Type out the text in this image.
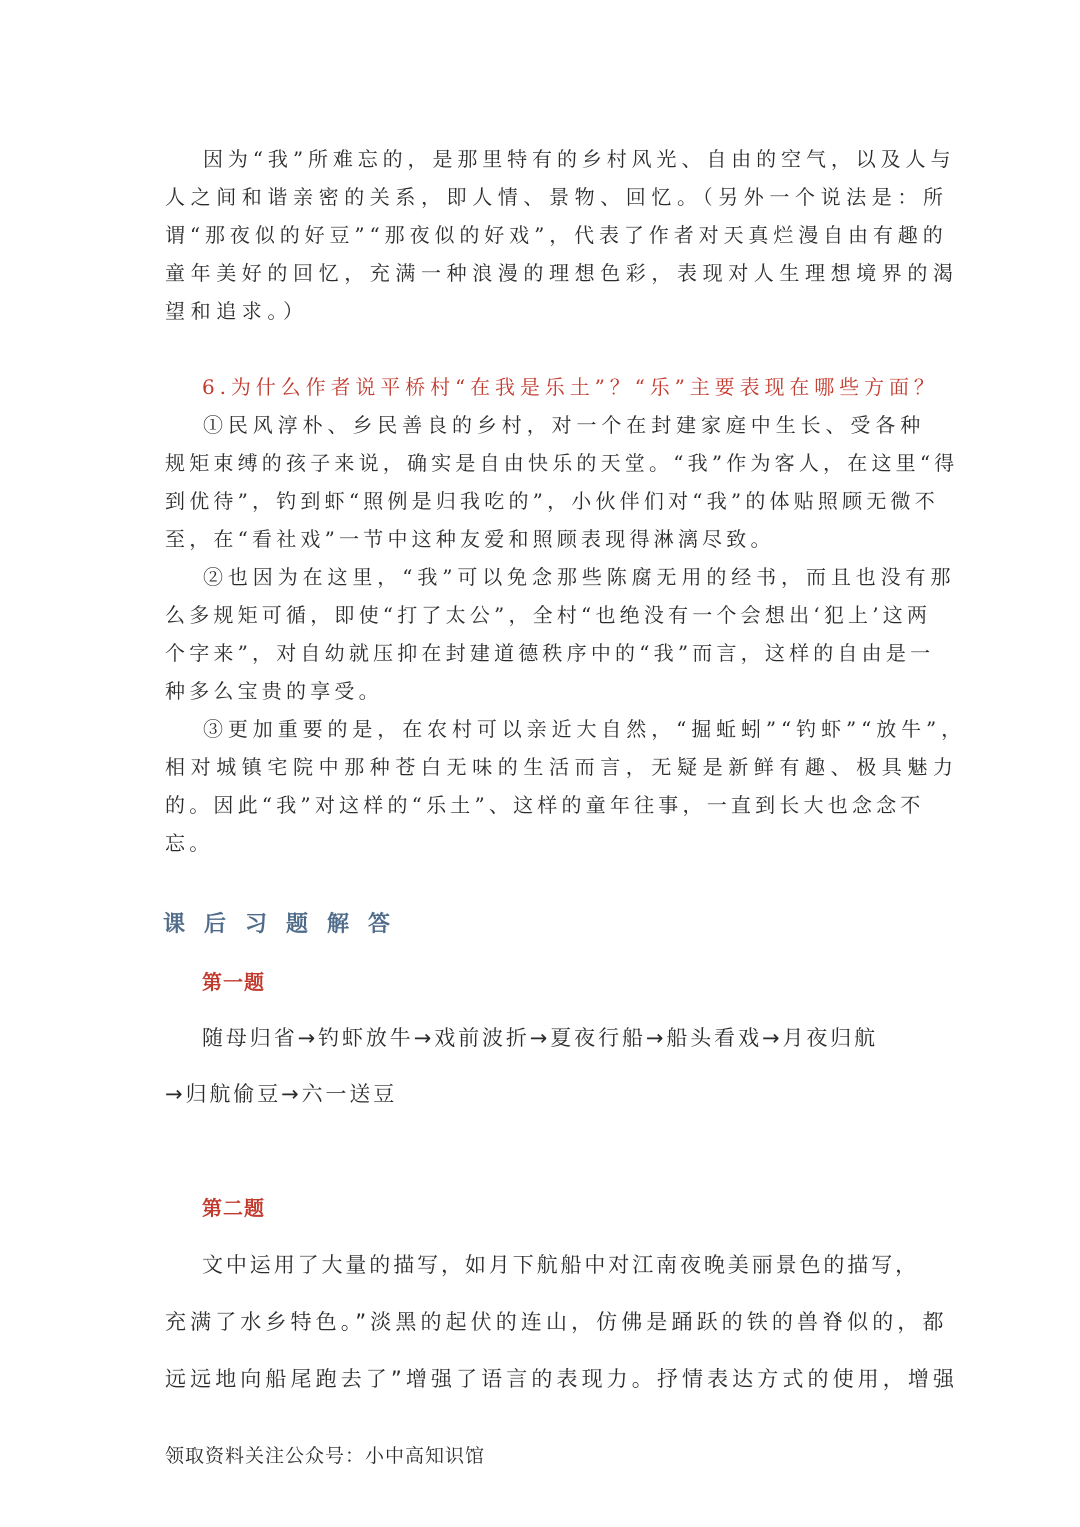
因为“我”所难忘的，是那里特有的乡村风光、自由的空气，以及人与
人之间和谐亲密的关系，即人情、景物、回忆。（另外一个说法是：所
谓“那夜似的好豆”“那夜似的好戏”，代表了作者对天真烂漫自由有趣的
童年美好的回忆，充满一种浪漫的理想色彩，表现对人生理想境界的渴
望和追求。）
6.为什么作者说平桥村“在我是乐土”？“乐”主要表现在哪些方面？
①民风淳朴、乡民善良的乡村，对一个在封建家庭中生长、受各种
规矩束缚的孩子来说，确实是自由快乐的天堂。“我”作为客人，在这里“得
到优待”，钓到虾“照例是归我吃的”，小伙伴们对“我”的体贴照顾无微不
至，在“看社戏”一节中这种友爱和照顾表现得淋漓尽致。
②也因为在这里，“我”可以免念那些陈腐无用的经书，而且也没有那
么多规矩可循，即使“打了太公”，全村“也绝没有一个会想出‘犯上’这两
个字来”，对自幼就压抑在封建道德秩序中的“我”而言，这样的自由是一
种多么宝贵的享受。
③更加重要的是，在农村可以亲近大自然，“掘蚯蚓”“钓虾”“放牛”，
相对城镇宅院中那种苍白无味的生活而言，无疑是新鲜有趣、极具魅力
的。因此“我”对这样的“乐土”、这样的童年往事，一直到长大也念念不
忘。
课后习题解答
第一题
随母归省→钓虾放牛→戏前波折→夏夜行船→船头看戏→月夜归航
→归航偷豆→六一送豆
第二题
文中运用了大量的描写，如月下航船中对江南夜晚美丽景色的描写，
充满了水乡特色。”淡黑的起伏的连山，仿佛是踊跃的铁的兽脊似的，都
远远地向船尾跑去了”增强了语言的表现力。抒情表达方式的使用，增强
领取资料关注公众号：小中高知识馆
